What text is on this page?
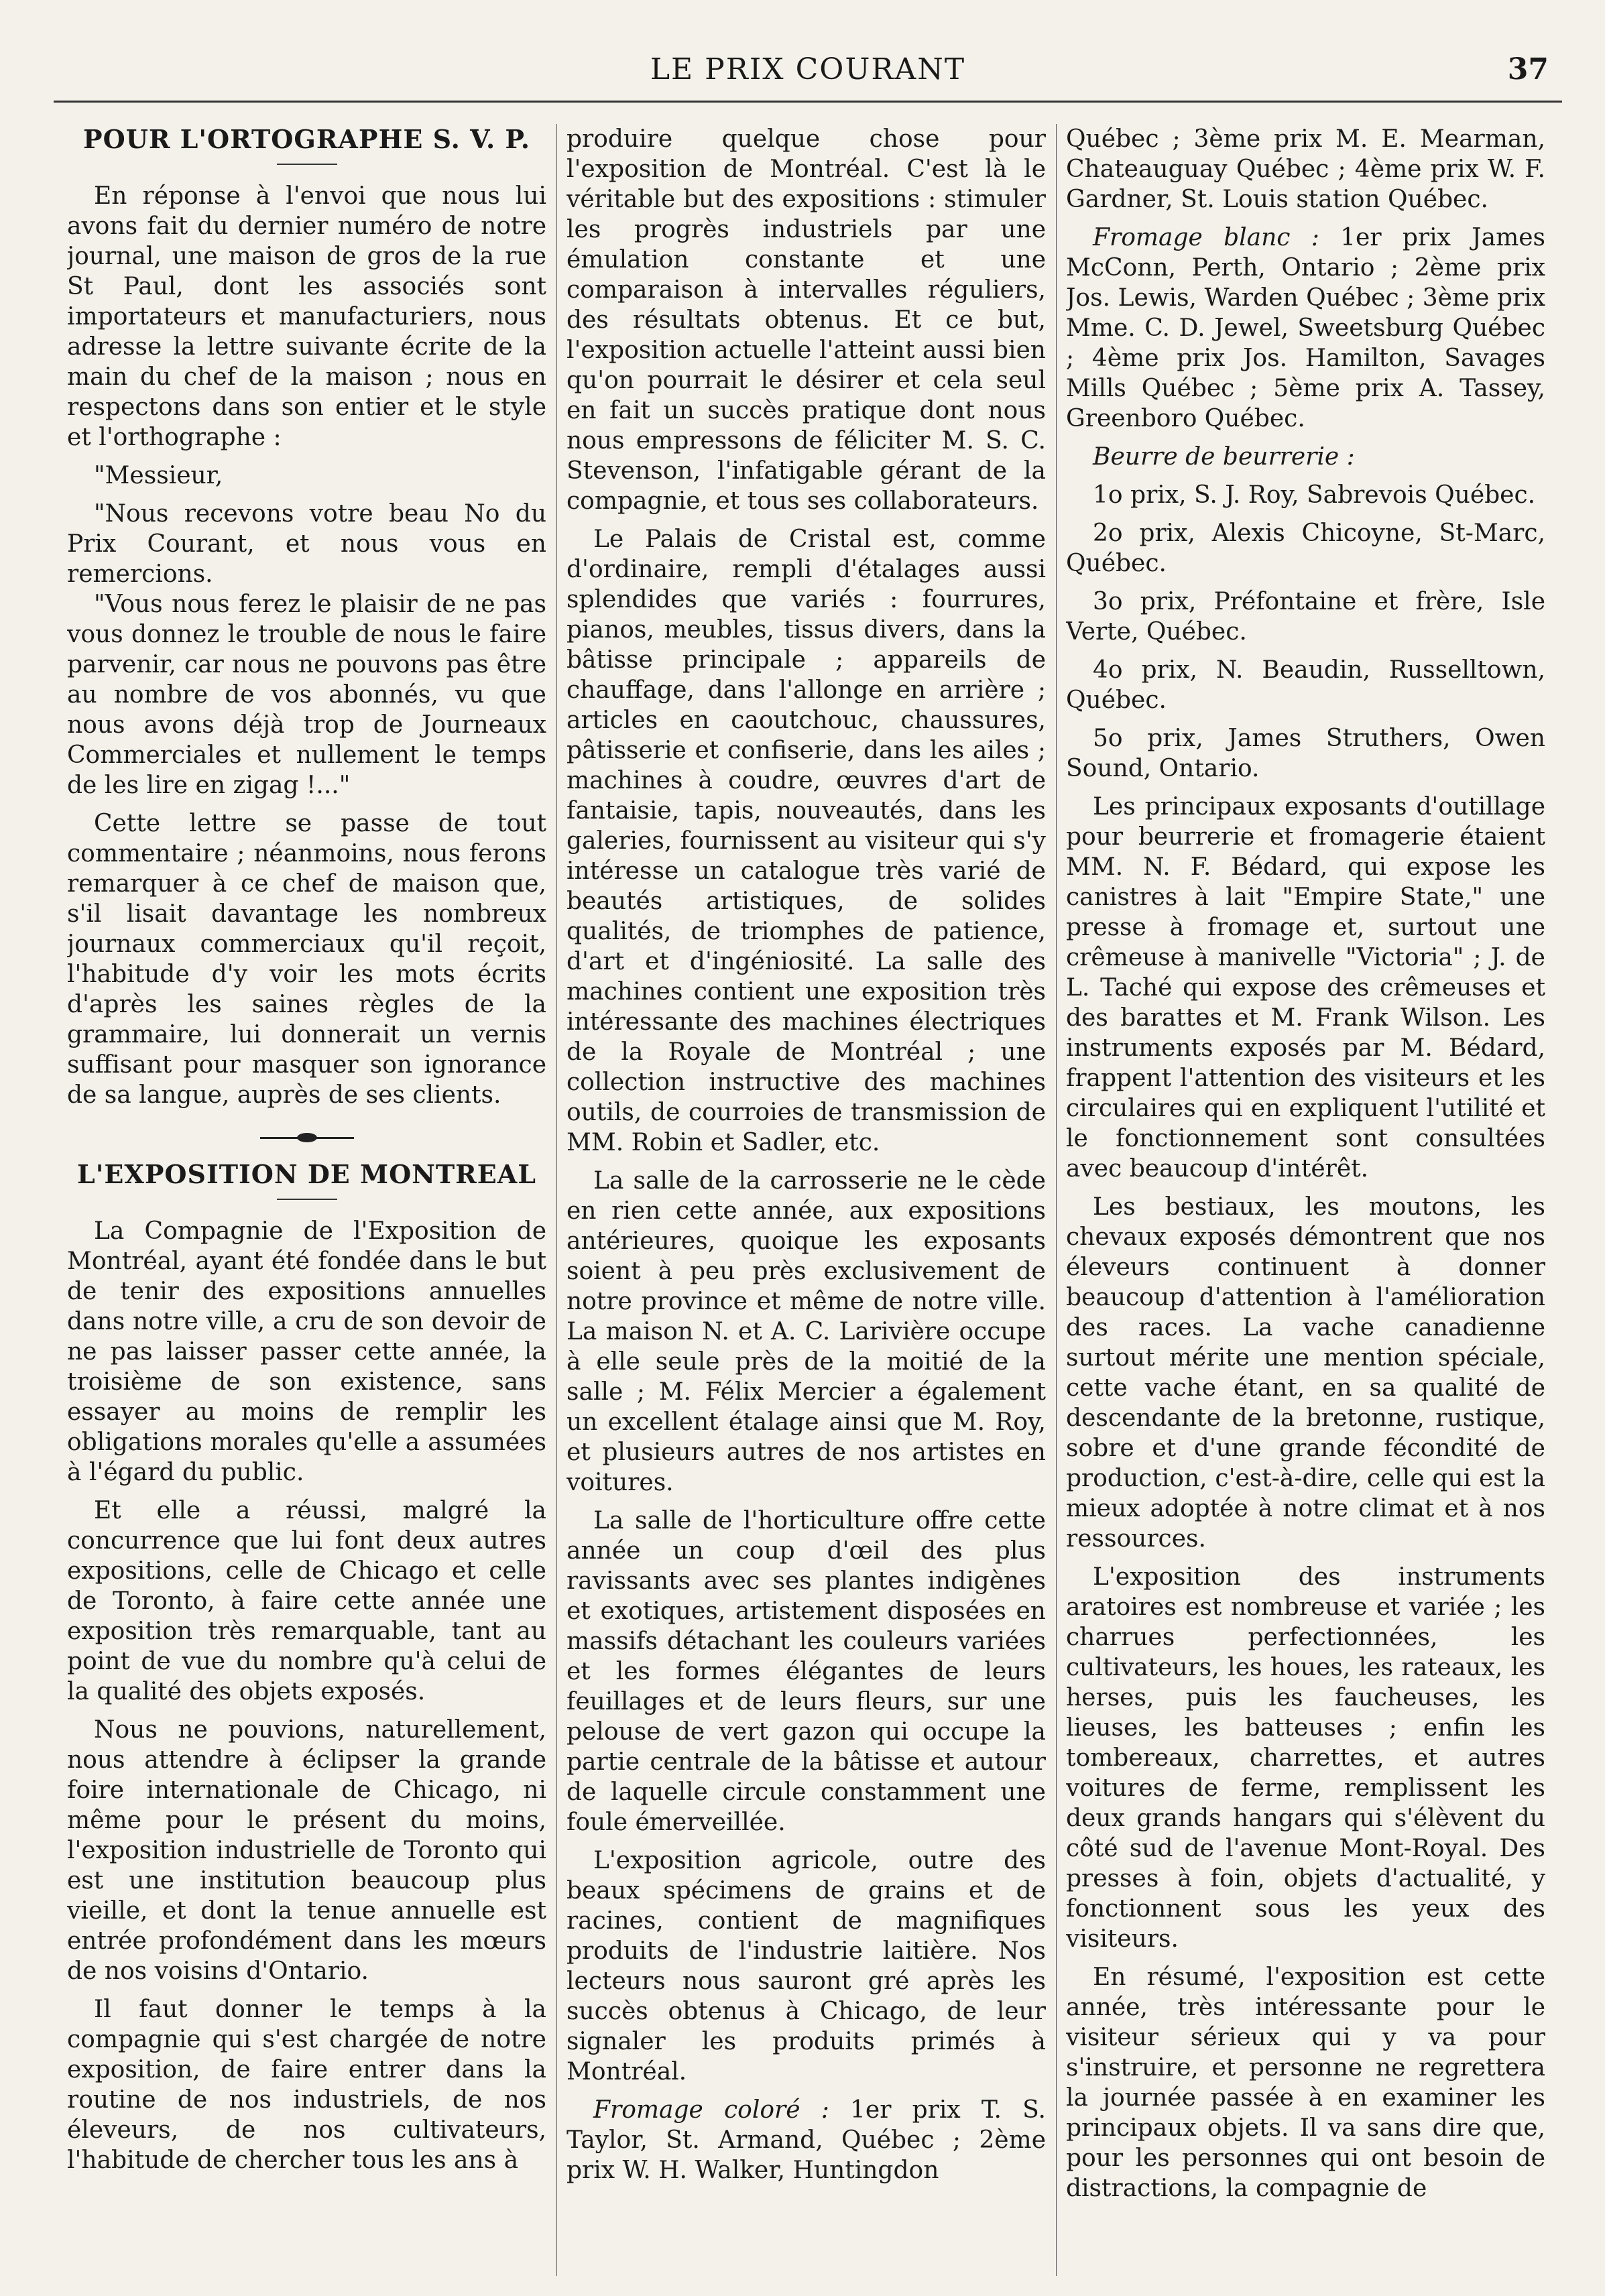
LE PRIX COURANT	37
POUR L'ORTOGRAPHE S. V. P.

En réponse à l'envoi que nous lui avons fait du dernier numéro de notre journal, une maison de gros de la rue St Paul, dont les associés sont importateurs et manufacturiers, nous adresse la lettre suivante écrite de la main du chef de la maison ; nous en respectons dans son entier et le style et l'orthographe :

"Messieur,

"Nous recevons votre beau No du Prix Courant, et nous vous en remercions.

"Vous nous ferez le plaisir de ne pas vous donnez le trouble de nous le faire parvenir, car nous ne pouvons pas être au nombre de vos abonnés, vu que nous avons déjà trop de Journeaux Commerciales et nullement le temps de les lire en zigag !..."

Cette lettre se passe de tout commentaire ; néanmoins, nous ferons remarquer à ce chef de maison que, s'il lisait davantage les nombreux journaux commerciaux qu'il reçoit, l'habitude d'y voir les mots écrits d'après les saines règles de la grammaire, lui donnerait un vernis suffisant pour masquer son ignorance de sa langue, auprès de ses clients.

L'EXPOSITION DE MONTREAL

La Compagnie de l'Exposition de Montréal, ayant été fondée dans le but de tenir des expositions annuelles dans notre ville, a cru de son devoir de ne pas laisser passer cette année, la troisième de son existence, sans essayer au moins de remplir les obligations morales qu'elle a assumées à l'égard du public.

Et elle a réussi, malgré la concurrence que lui font deux autres expositions, celle de Chicago et celle de Toronto, à faire cette année une exposition très remarquable, tant au point de vue du nombre qu'à celui de la qualité des objets exposés.

Nous ne pouvions, naturellement, nous attendre à éclipser la grande foire internationale de Chicago, ni même pour le présent du moins, l'exposition industrielle de Toronto qui est une institution beaucoup plus vieille, et dont la tenue annuelle est entrée profondément dans les mœurs de nos voisins d'Ontario.

Il faut donner le temps à la compagnie qui s'est chargée de notre exposition, de faire entrer dans la routine de nos industriels, de nos éleveurs, de nos cultivateurs, l'habitude de chercher tous les ans à

produire quelque chose pour l'exposition de Montréal. C'est là le véritable but des expositions : stimuler les progrès industriels par une émulation constante et une comparaison à intervalles réguliers, des résultats obtenus. Et ce but, l'exposition actuelle l'atteint aussi bien qu'on pourrait le désirer et cela seul en fait un succès pratique dont nous nous empressons de féliciter M. S. C. Stevenson, l'infatigable gérant de la compagnie, et tous ses collaborateurs.

Le Palais de Cristal est, comme d'ordinaire, rempli d'étalages aussi splendides que variés : fourrures, pianos, meubles, tissus divers, dans la bâtisse principale ; appareils de chauffage, dans l'allonge en arrière ; articles en caoutchouc, chaussures, pâtisserie et confiserie, dans les ailes ; machines à coudre, œuvres d'art de fantaisie, tapis, nouveautés, dans les galeries, fournissent au visiteur qui s'y intéresse un catalogue très varié de beautés artistiques, de solides qualités, de triomphes de patience, d'art et d'ingéniosité. La salle des machines contient une exposition très intéressante des machines électriques de la Royale de Montréal ; une collection instructive des machines outils, de courroies de transmission de MM. Robin et Sadler, etc.

La salle de la carrosserie ne le cède en rien cette année, aux expositions antérieures, quoique les exposants soient à peu près exclusivement de notre province et même de notre ville. La maison N. et A. C. Larivière occupe à elle seule près de la moitié de la salle ; M. Félix Mercier a également un excellent étalage ainsi que M. Roy, et plusieurs autres de nos artistes en voitures.

La salle de l'horticulture offre cette année un coup d'œil des plus ravissants avec ses plantes indigènes et exotiques, artistement disposées en massifs détachant les couleurs variées et les formes élégantes de leurs feuillages et de leurs fleurs, sur une pelouse de vert gazon qui occupe la partie centrale de la bâtisse et autour de laquelle circule constamment une foule émerveillée.

L'exposition agricole, outre des beaux spécimens de grains et de racines, contient de magnifiques produits de l'industrie laitière. Nos lecteurs nous sauront gré après les succès obtenus à Chicago, de leur signaler les produits primés à Montréal.

Fromage coloré : 1er prix T. S. Taylor, St. Armand, Québec ; 2ème prix W. H. Walker, Huntingdon

Québec ; 3ème prix M. E. Mearman, Chateauguay Québec ; 4ème prix W. F. Gardner, St. Louis station Québec.

Fromage blanc : 1er prix James McConn, Perth, Ontario ; 2ème prix Jos. Lewis, Warden Québec ; 3ème prix Mme. C. D. Jewel, Sweetsburg Québec ; 4ème prix Jos. Hamilton, Savages Mills Québec ; 5ème prix A. Tassey, Greenboro Québec.

Beurre de beurrerie :

1o prix, S. J. Roy, Sabrevois Québec.

2o prix, Alexis Chicoyne, St-Marc, Québec.

3o prix, Préfontaine et frère, Isle Verte, Québec.

4o prix, N. Beaudin, Russelltown, Québec.

5o prix, James Struthers, Owen Sound, Ontario.

Les principaux exposants d'outillage pour beurrerie et fromagerie étaient MM. N. F. Bédard, qui expose les canistres à lait "Empire State," une presse à fromage et, surtout une crêmeuse à manivelle "Victoria" ; J. de L. Taché qui expose des crêmeuses et des barattes et M. Frank Wilson. Les instruments exposés par M. Bédard, frappent l'attention des visiteurs et les circulaires qui en expliquent l'utilité et le fonctionnement sont consultées avec beaucoup d'intérêt.

Les bestiaux, les moutons, les chevaux exposés démontrent que nos éleveurs continuent à donner beaucoup d'attention à l'amélioration des races. La vache canadienne surtout mérite une mention spéciale, cette vache étant, en sa qualité de descendante de la bretonne, rustique, sobre et d'une grande fécondité de production, c'est-à-dire, celle qui est la mieux adoptée à notre climat et à nos ressources.

L'exposition des instruments aratoires est nombreuse et variée ; les charrues perfectionnées, les cultivateurs, les houes, les rateaux, les herses, puis les faucheuses, les lieuses, les batteuses ; enfin les tombereaux, charrettes, et autres voitures de ferme, remplissent les deux grands hangars qui s'élèvent du côté sud de l'avenue Mont-Royal. Des presses à foin, objets d'actualité, y fonctionnent sous les yeux des visiteurs.

En résumé, l'exposition est cette année, très intéressante pour le visiteur sérieux qui y va pour s'instruire, et personne ne regrettera la journée passée à en examiner les principaux objets. Il va sans dire que, pour les personnes qui ont besoin de distractions, la compagnie de
